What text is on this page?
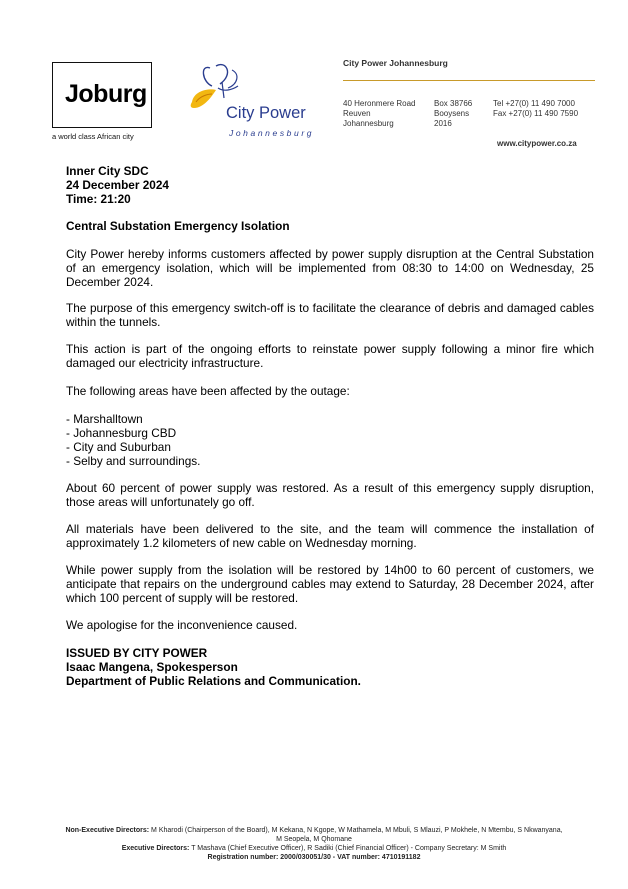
Joburg
a world class African city
City Power
Johannesburg
City Power Johannesburg
40 Heronmere Road
Reuven
Johannesburg
Box 38766
Booysens
2016
Tel +27(0) 11 490 7000
Fax +27(0) 11 490 7590
www.citypower.co.za
Inner City SDC
24 December 2024
Time: 21:20
Central Substation Emergency Isolation
City Power hereby informs customers affected by power supply disruption at the Central Substation of an emergency isolation, which will be implemented from 08:30 to 14:00 on Wednesday, 25 December 2024.
The purpose of this emergency switch-off is to facilitate the clearance of debris and damaged cables within the tunnels.
This action is part of the ongoing efforts to reinstate power supply following a minor fire which damaged our electricity infrastructure.
The following areas have been affected by the outage:
- Marshalltown
- Johannesburg CBD
- City and Suburban
- Selby and surroundings.
About 60 percent of power supply was restored. As a result of this emergency supply disruption, those areas will unfortunately go off.
All materials have been delivered to the site, and the team will commence the installation of approximately 1.2 kilometers of new cable on Wednesday morning.
While power supply from the isolation will be restored by 14h00 to 60 percent of customers, we anticipate that repairs on the underground cables may extend to Saturday, 28 December 2024, after which 100 percent of supply will be restored.
We apologise for the inconvenience caused.
ISSUED BY CITY POWER
Isaac Mangena, Spokesperson
Department of Public Relations and Communication.
Non-Executive Directors: M Kharodi (Chairperson of the Board), M Kekana, N Kgope, W Mathamela, M Mbuli, S Mlauzi, P Mokhele, N Mtembu, S Nkwanyana,
M Seopela, M Qhomane
Executive Directors: T Mashava (Chief Executive Officer), R Sadiki (Chief Financial Officer) - Company Secretary: M Smith
Registration number: 2000/030051/30 - VAT number: 4710191182
